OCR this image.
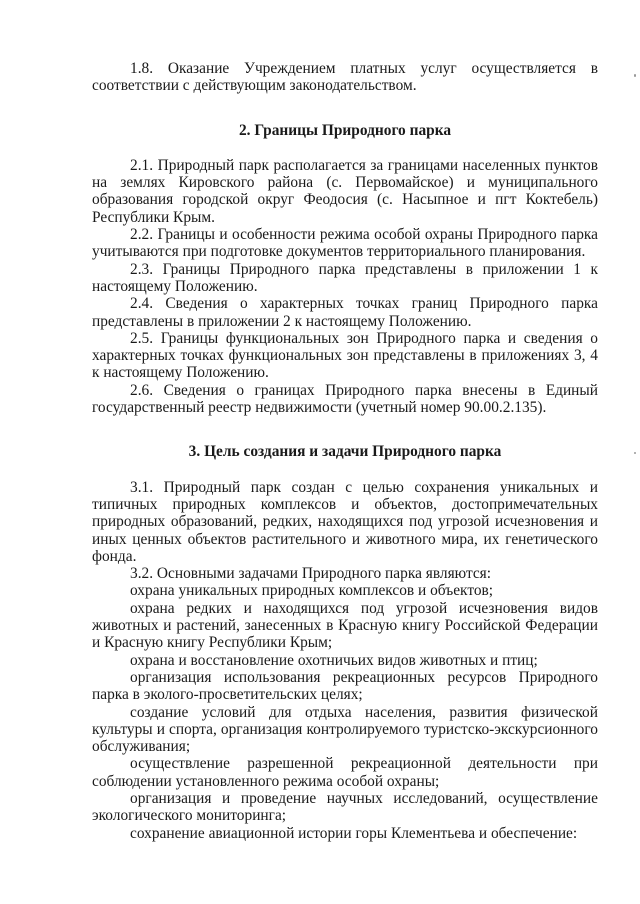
1.8. Оказание Учреждением платных услуг осуществляется в соответствии с действующим законодательством.

2. Границы Природного парка

2.1. Природный парк располагается за границами населенных пунктов на землях Кировского района (с. Первомайское) и муниципального образования городской округ Феодосия (с. Насыпное и пгт Коктебель) Республики Крым.

2.2. Границы и особенности режима особой охраны Природного парка учитываются при подготовке документов территориального планирования.

2.3. Границы Природного парка представлены в приложении 1 к настоящему Положению.

2.4. Сведения о характерных точках границ Природного парка представлены в приложении 2 к настоящему Положению.

2.5. Границы функциональных зон Природного парка и сведения о характерных точках функциональных зон представлены в приложениях 3, 4 к настоящему Положению.

2.6. Сведения о границах Природного парка внесены в Единый государственный реестр недвижимости (учетный номер 90.00.2.135).

3. Цель создания и задачи Природного парка

3.1. Природный парк создан с целью сохранения уникальных и типичных природных комплексов и объектов, достопримечательных природных образований, редких, находящихся под угрозой исчезновения и иных ценных объектов растительного и животного мира, их генетического фонда.

3.2. Основными задачами Природного парка являются:

охрана уникальных природных комплексов и объектов;

охрана редких и находящихся под угрозой исчезновения видов животных и растений, занесенных в Красную книгу Российской Федерации и Красную книгу Республики Крым;

охрана и восстановление охотничьих видов животных и птиц;

организация использования рекреационных ресурсов Природного парка в эколого-просветительских целях;

создание условий для отдыха населения, развития физической культуры и спорта, организация контролируемого туристско-экскурсионного обслуживания;

осуществление разрешенной рекреационной деятельности при соблюдении установленного режима особой охраны;

организация и проведение научных исследований, осуществление экологического мониторинга;

сохранение авиационной истории горы Клементьева и обеспечение:
